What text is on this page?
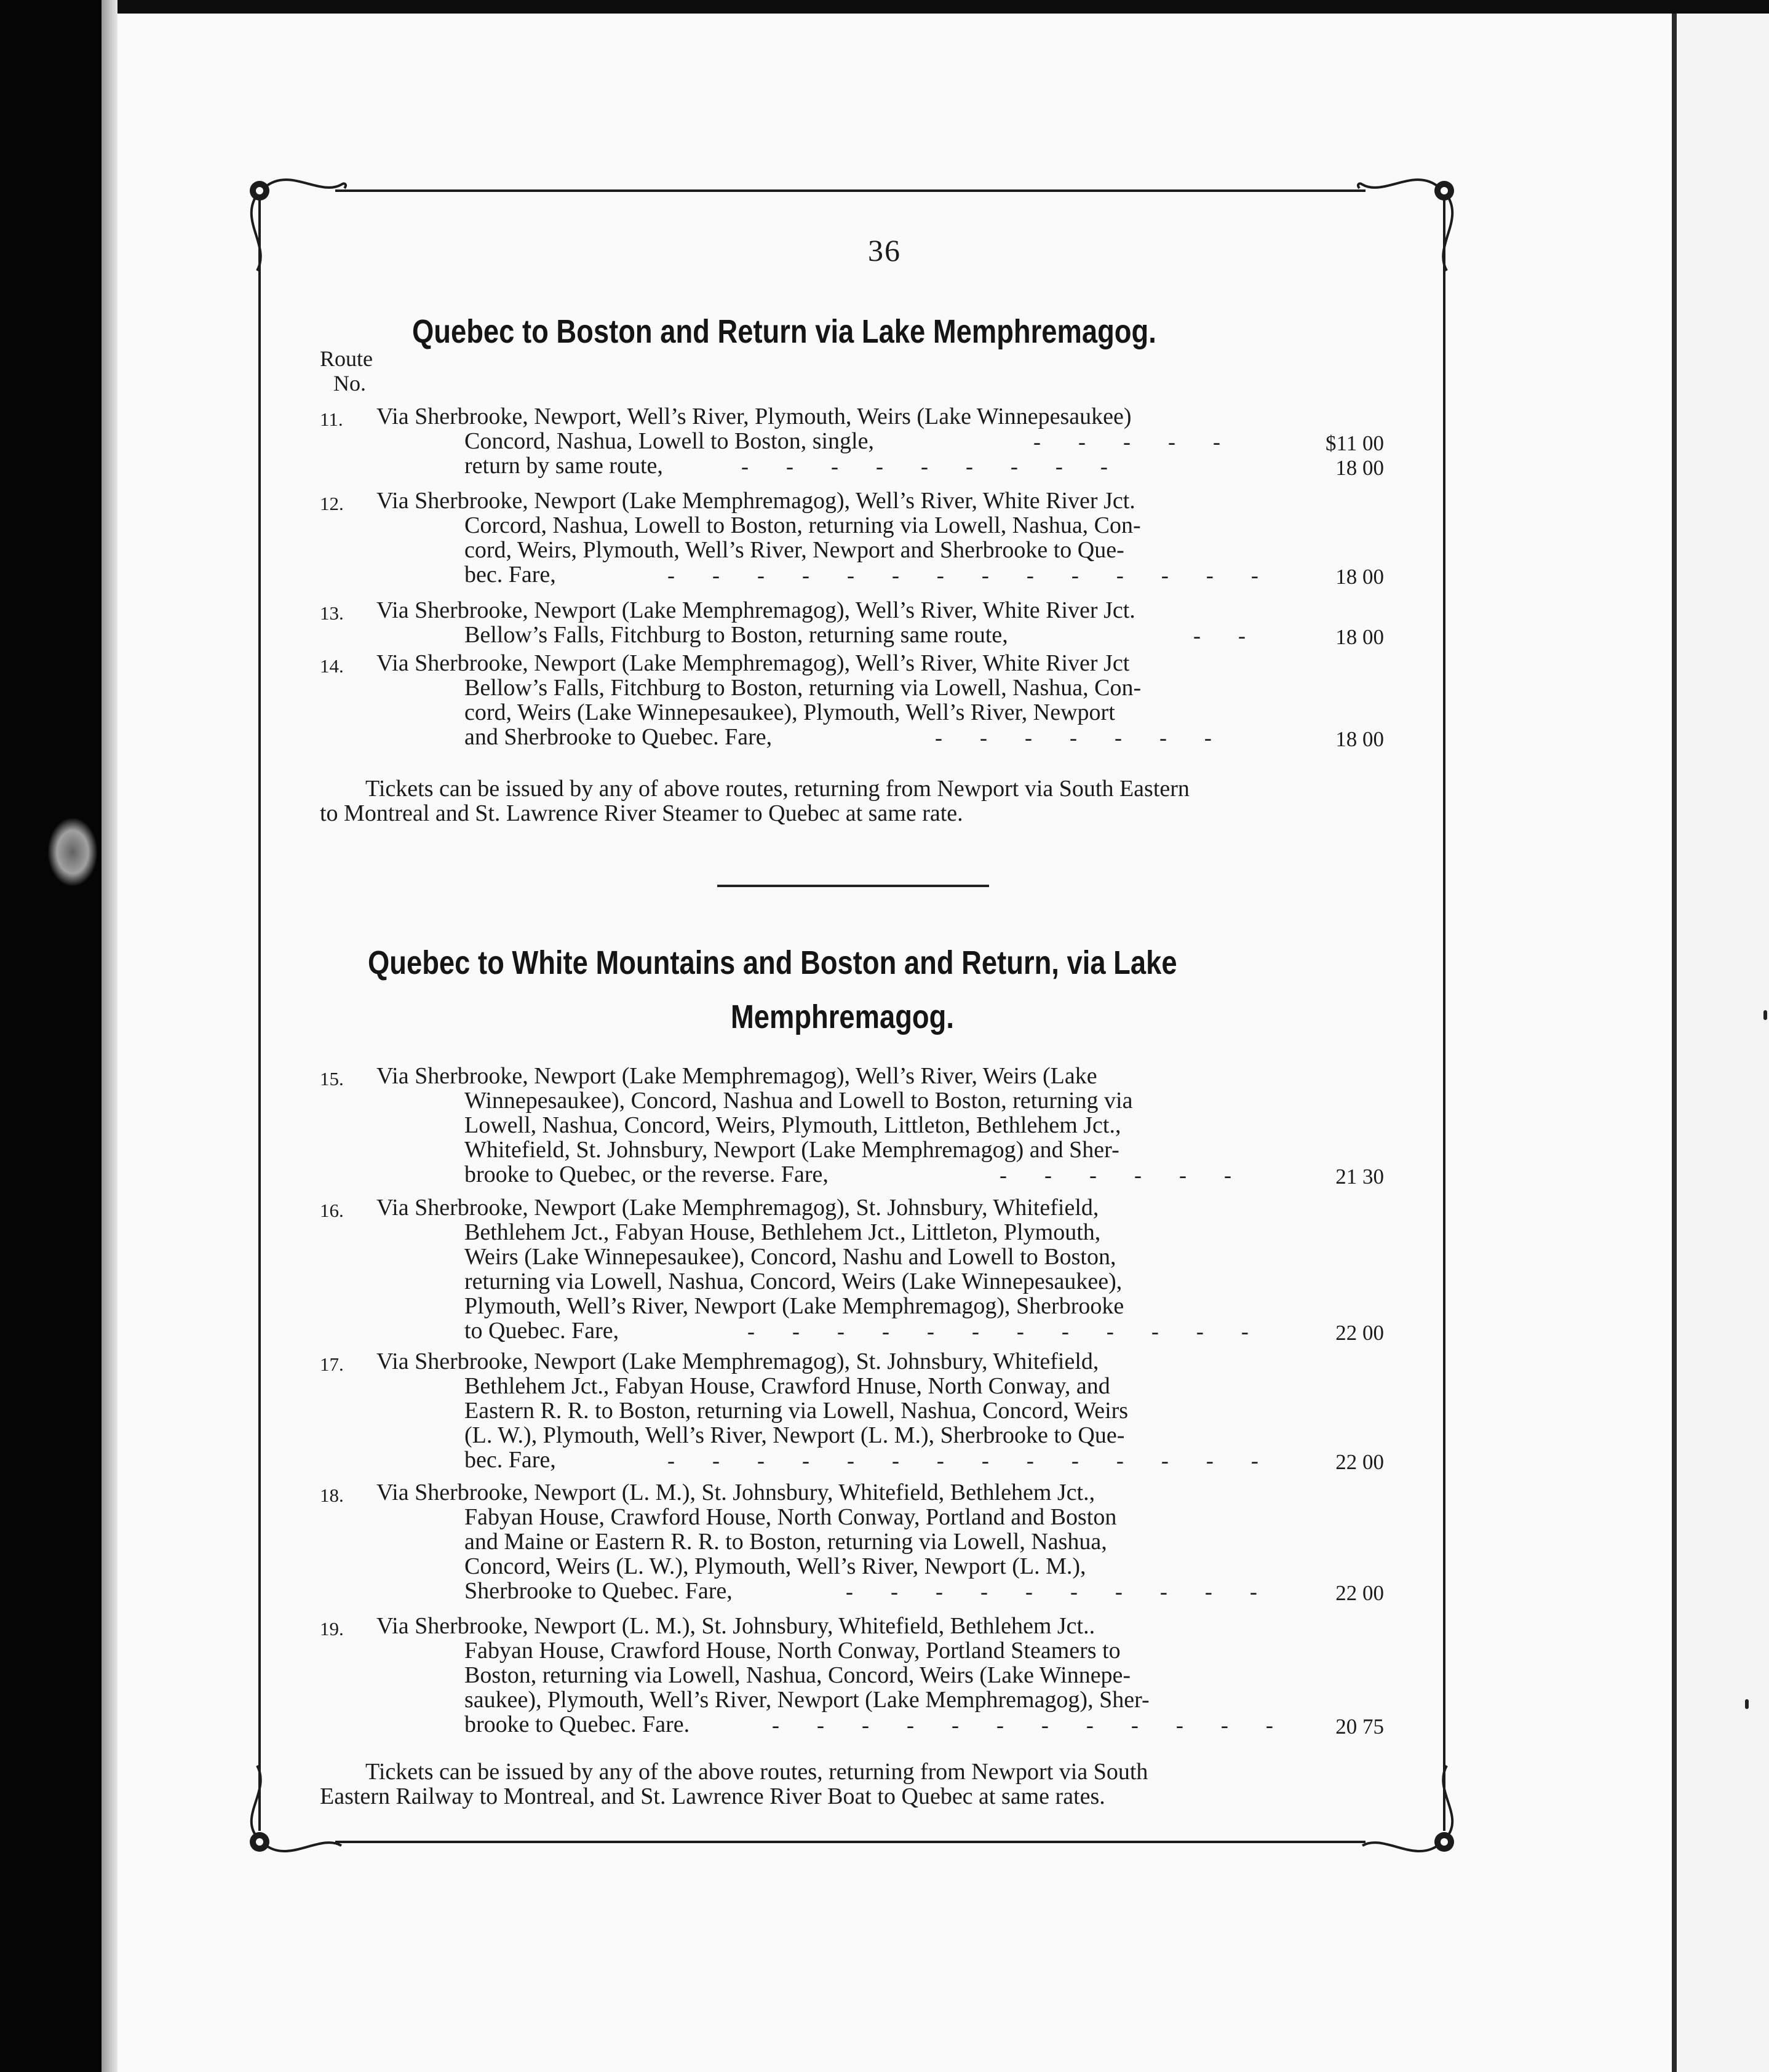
36
Quebec to Boston and Return via Lake Memphremagog.
Route
No.
11. Via Sherbrooke, Newport, Well’s River, Plymouth, Weirs (Lake Winnepesaukee)
Concord, Nashua, Lowell to Boston, single,	- - - - -	$11 00
return by same route,	- - - - - - - - -	18 00
12. Via Sherbrooke, Newport (Lake Memphremagog), Well’s River, White River Jct.
Corcord, Nashua, Lowell to Boston, returning via Lowell, Nashua, Con-
cord, Weirs, Plymouth, Well’s River, Newport and Sherbrooke to Que-
bec. Fare,	- - - - - - - - - - - - - -	18 00
13. Via Sherbrooke, Newport (Lake Memphremagog), Well’s River, White River Jct.
Bellow’s Falls, Fitchburg to Boston, returning same route,	- -	18 00
14. Via Sherbrooke, Newport (Lake Memphremagog), Well’s River, White River Jct
Bellow’s Falls, Fitchburg to Boston, returning via Lowell, Nashua, Con-
cord, Weirs (Lake Winnepesaukee), Plymouth, Well’s River, Newport
and Sherbrooke to Quebec. Fare,	- - - - - - -	18 00
Tickets can be issued by any of above routes, returning from Newport via South Eastern
to Montreal and St. Lawrence River Steamer to Quebec at same rate.
Quebec to White Mountains and Boston and Return, via Lake
Memphremagog.
15. Via Sherbrooke, Newport (Lake Memphremagog), Well’s River, Weirs (Lake
Winnepesaukee), Concord, Nashua and Lowell to Boston, returning via
Lowell, Nashua, Concord, Weirs, Plymouth, Littleton, Bethlehem Jct.,
Whitefield, St. Johnsbury, Newport (Lake Memphremagog) and Sher-
brooke to Quebec, or the reverse. Fare,	- - - - - -	21 30
16. Via Sherbrooke, Newport (Lake Memphremagog), St. Johnsbury, Whitefield,
Bethlehem Jct., Fabyan House, Bethlehem Jct., Littleton, Plymouth,
Weirs (Lake Winnepesaukee), Concord, Nashu and Lowell to Boston,
returning via Lowell, Nashua, Concord, Weirs (Lake Winnepesaukee),
Plymouth, Well’s River, Newport (Lake Memphremagog), Sherbrooke
to Quebec. Fare,	- - - - - - - - - - - -	22 00
17. Via Sherbrooke, Newport (Lake Memphremagog), St. Johnsbury, Whitefield,
Bethlehem Jct., Fabyan House, Crawford Hnuse, North Conway, and
Eastern R. R. to Boston, returning via Lowell, Nashua, Concord, Weirs
(L. W.), Plymouth, Well’s River, Newport (L. M.), Sherbrooke to Que-
bec. Fare,	- - - - - - - - - - - - - -	22 00
18. Via Sherbrooke, Newport (L. M.), St. Johnsbury, Whitefield, Bethlehem Jct.,
Fabyan House, Crawford House, North Conway, Portland and Boston
and Maine or Eastern R. R. to Boston, returning via Lowell, Nashua,
Concord, Weirs (L. W.), Plymouth, Well’s River, Newport (L. M.),
Sherbrooke to Quebec. Fare,	- - - - - - - - - -	22 00
19. Via Sherbrooke, Newport (L. M.), St. Johnsbury, Whitefield, Bethlehem Jct..
Fabyan House, Crawford House, North Conway, Portland Steamers to
Boston, returning via Lowell, Nashua, Concord, Weirs (Lake Winnepe-
saukee), Plymouth, Well’s River, Newport (Lake Memphremagog), Sher-
brooke to Quebec. Fare.	- - - - - - - - - - - -	20 75
Tickets can be issued by any of the above routes, returning from Newport via South
Eastern Railway to Montreal, and St. Lawrence River Boat to Quebec at same rates.
